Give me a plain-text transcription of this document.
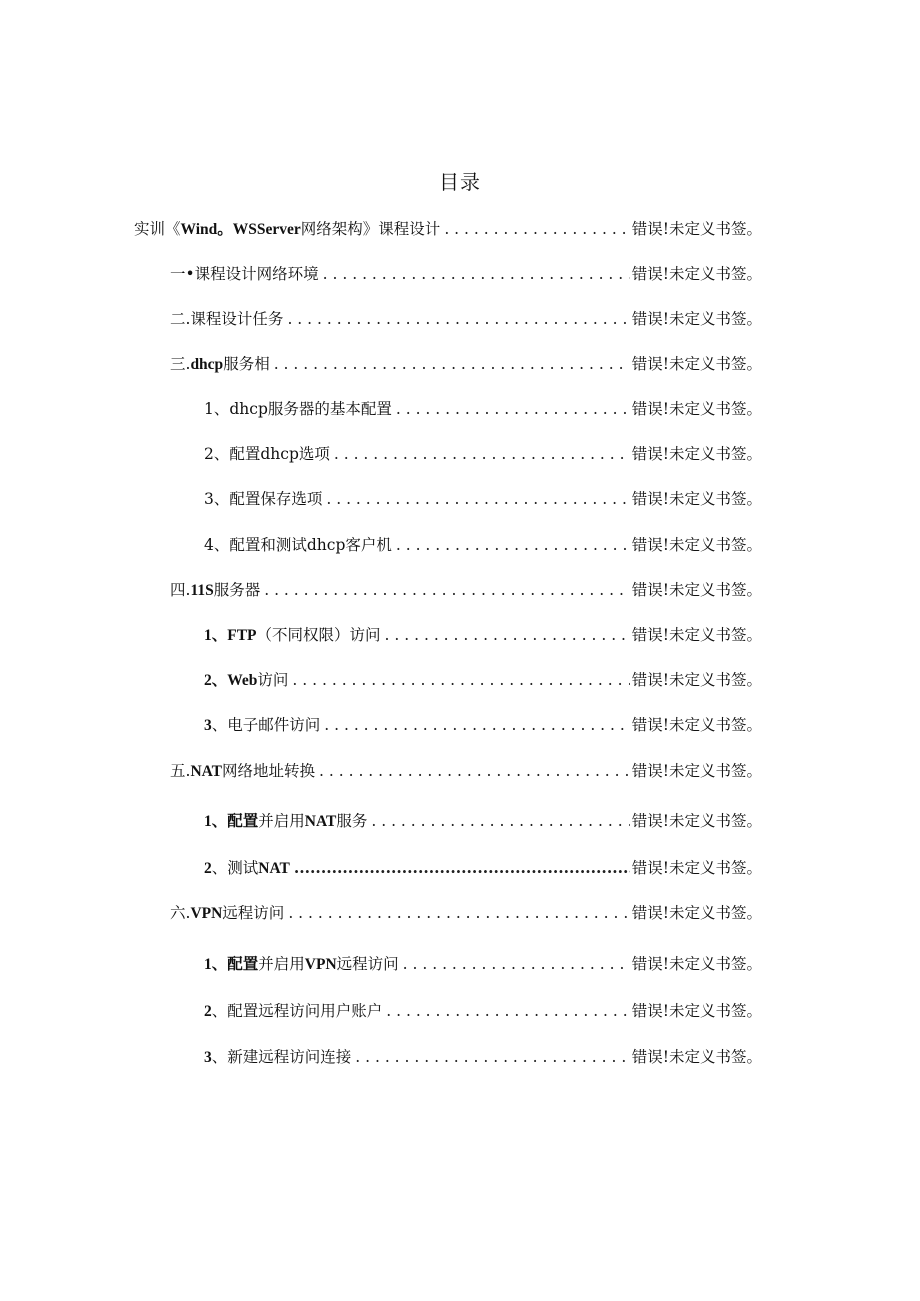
目录
实训《Wind。WSServer网络架构》课程设计 . . .	错误!未定义书签。
一•课程设计网络环境 . . .	错误!未定义书签。
二.课程设计任务 . . .	错误!未定义书签。
三.dhcp服务相 . . .	错误!未定义书签。
1、dhcp服务器的基本配置 . . .	错误!未定义书签。
2、配置dhcp选项 . . .	错误!未定义书签。
3、配置保存选项 . . .	错误!未定义书签。
4、配置和测试dhcp客户机 . . .	错误!未定义书签。
四.11S服务器 . . .	错误!未定义书签。
1、FTP（不同权限）访问 . . .	错误!未定义书签。
2、Web访问 . . .	错误!未定义书签。
3、电子邮件访问 . . .	错误!未定义书签。
五.NAT网络地址转换 . . .	错误!未定义书签。
1、配置并启用NAT服务 . . .	错误!未定义书签。
2、测试NAT .....	错误!未定义书签。
六.VPN远程访问 . . .	错误!未定义书签。
1、配置并启用VPN远程访问 . . .	错误!未定义书签。
2、配置远程访问用户账户 . . .	错误!未定义书签。
3、新建远程访问连接 . . .	错误!未定义书签。
